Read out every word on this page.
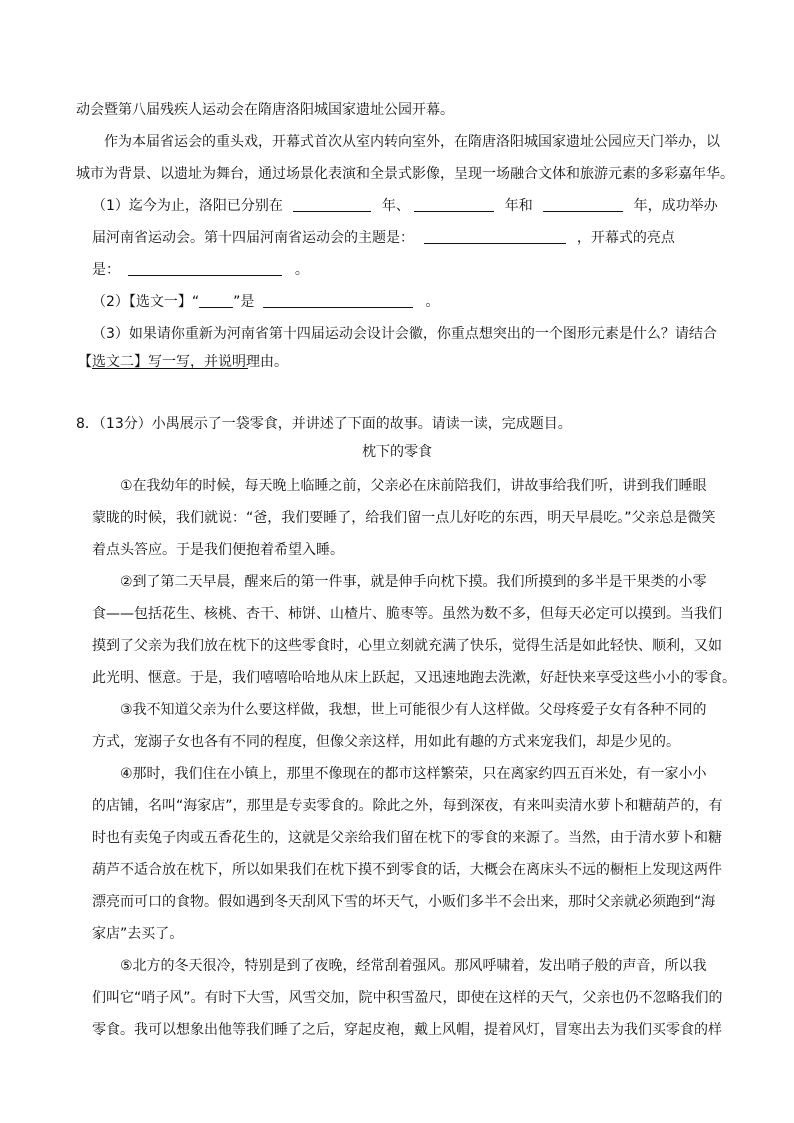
动会暨第八届残疾人运动会在隋唐洛阳城国家遗址公园开幕。
作为本届省运会的重头戏，开幕式首次从室内转向室外，在隋唐洛阳城国家遗址公园应天门举办，以
城市为背景、以遗址为舞台，通过场景化表演和全景式影像，呈现一场融合文体和旅游元素的多彩嘉年华。
（1）迄今为止，洛阳已分别在	年、	年和	年，成功举办
届河南省运动会。第十四届河南省运动会的主题是：	，开幕式的亮点
是：	。
（2）【选文一】“ ”是	。
（3）如果请你重新为河南省第十四届运动会设计会徽，你重点想突出的一个图形元素是什么？请结合
【选文二】写一写，并说明理由。
8．（13分）小禺展示了一袋零食，并讲述了下面的故事。请读一读，完成题目。
枕下的零食
①在我幼年的时候，每天晚上临睡之前，父亲必在床前陪我们，讲故事给我们听，讲到我们睡眼
蒙眬的时候，我们就说：“爸，我们要睡了，给我们留一点儿好吃的东西，明天早晨吃。”父亲总是微笑
着点头答应。于是我们便抱着希望入睡。
②到了第二天早晨，醒来后的第一件事，就是伸手向枕下摸。我们所摸到的多半是干果类的小零
食——包括花生、核桃、杏干、柿饼、山楂片、脆枣等。虽然为数不多，但每天必定可以摸到。当我们
摸到了父亲为我们放在枕下的这些零食时，心里立刻就充满了快乐，觉得生活是如此轻快、顺利，又如
此光明、惬意。于是，我们嘻嘻哈哈地从床上跃起，又迅速地跑去洗漱，好赶快来享受这些小小的零食。
③我不知道父亲为什么要这样做，我想，世上可能很少有人这样做。父母疼爱子女有各种不同的
方式，宠溺子女也各有不同的程度，但像父亲这样，用如此有趣的方式来宠我们，却是少见的。
④那时，我们住在小镇上，那里不像现在的都市这样繁荣，只在离家约四五百米处，有一家小小
的店铺，名叫“海家店”，那里是专卖零食的。除此之外，每到深夜，有来叫卖清水萝卜和糖葫芦的，有
时也有卖兔子肉或五香花生的，这就是父亲给我们留在枕下的零食的来源了。当然，由于清水萝卜和糖
葫芦不适合放在枕下，所以如果我们在枕下摸不到零食的话，大概会在离床头不远的橱柜上发现这两件
漂亮而可口的食物。假如遇到冬天刮风下雪的坏天气，小贩们多半不会出来，那时父亲就必须跑到“海
家店”去买了。
⑤北方的冬天很冷，特别是到了夜晚，经常刮着强风。那风呼啸着，发出哨子般的声音，所以我
们叫它“哨子风”。有时下大雪，风雪交加，院中积雪盈尺，即使在这样的天气，父亲也仍不忽略我们的
零食。我可以想象出他等我们睡了之后，穿起皮袍，戴上风帽，提着风灯，冒寒出去为我们买零食的样
